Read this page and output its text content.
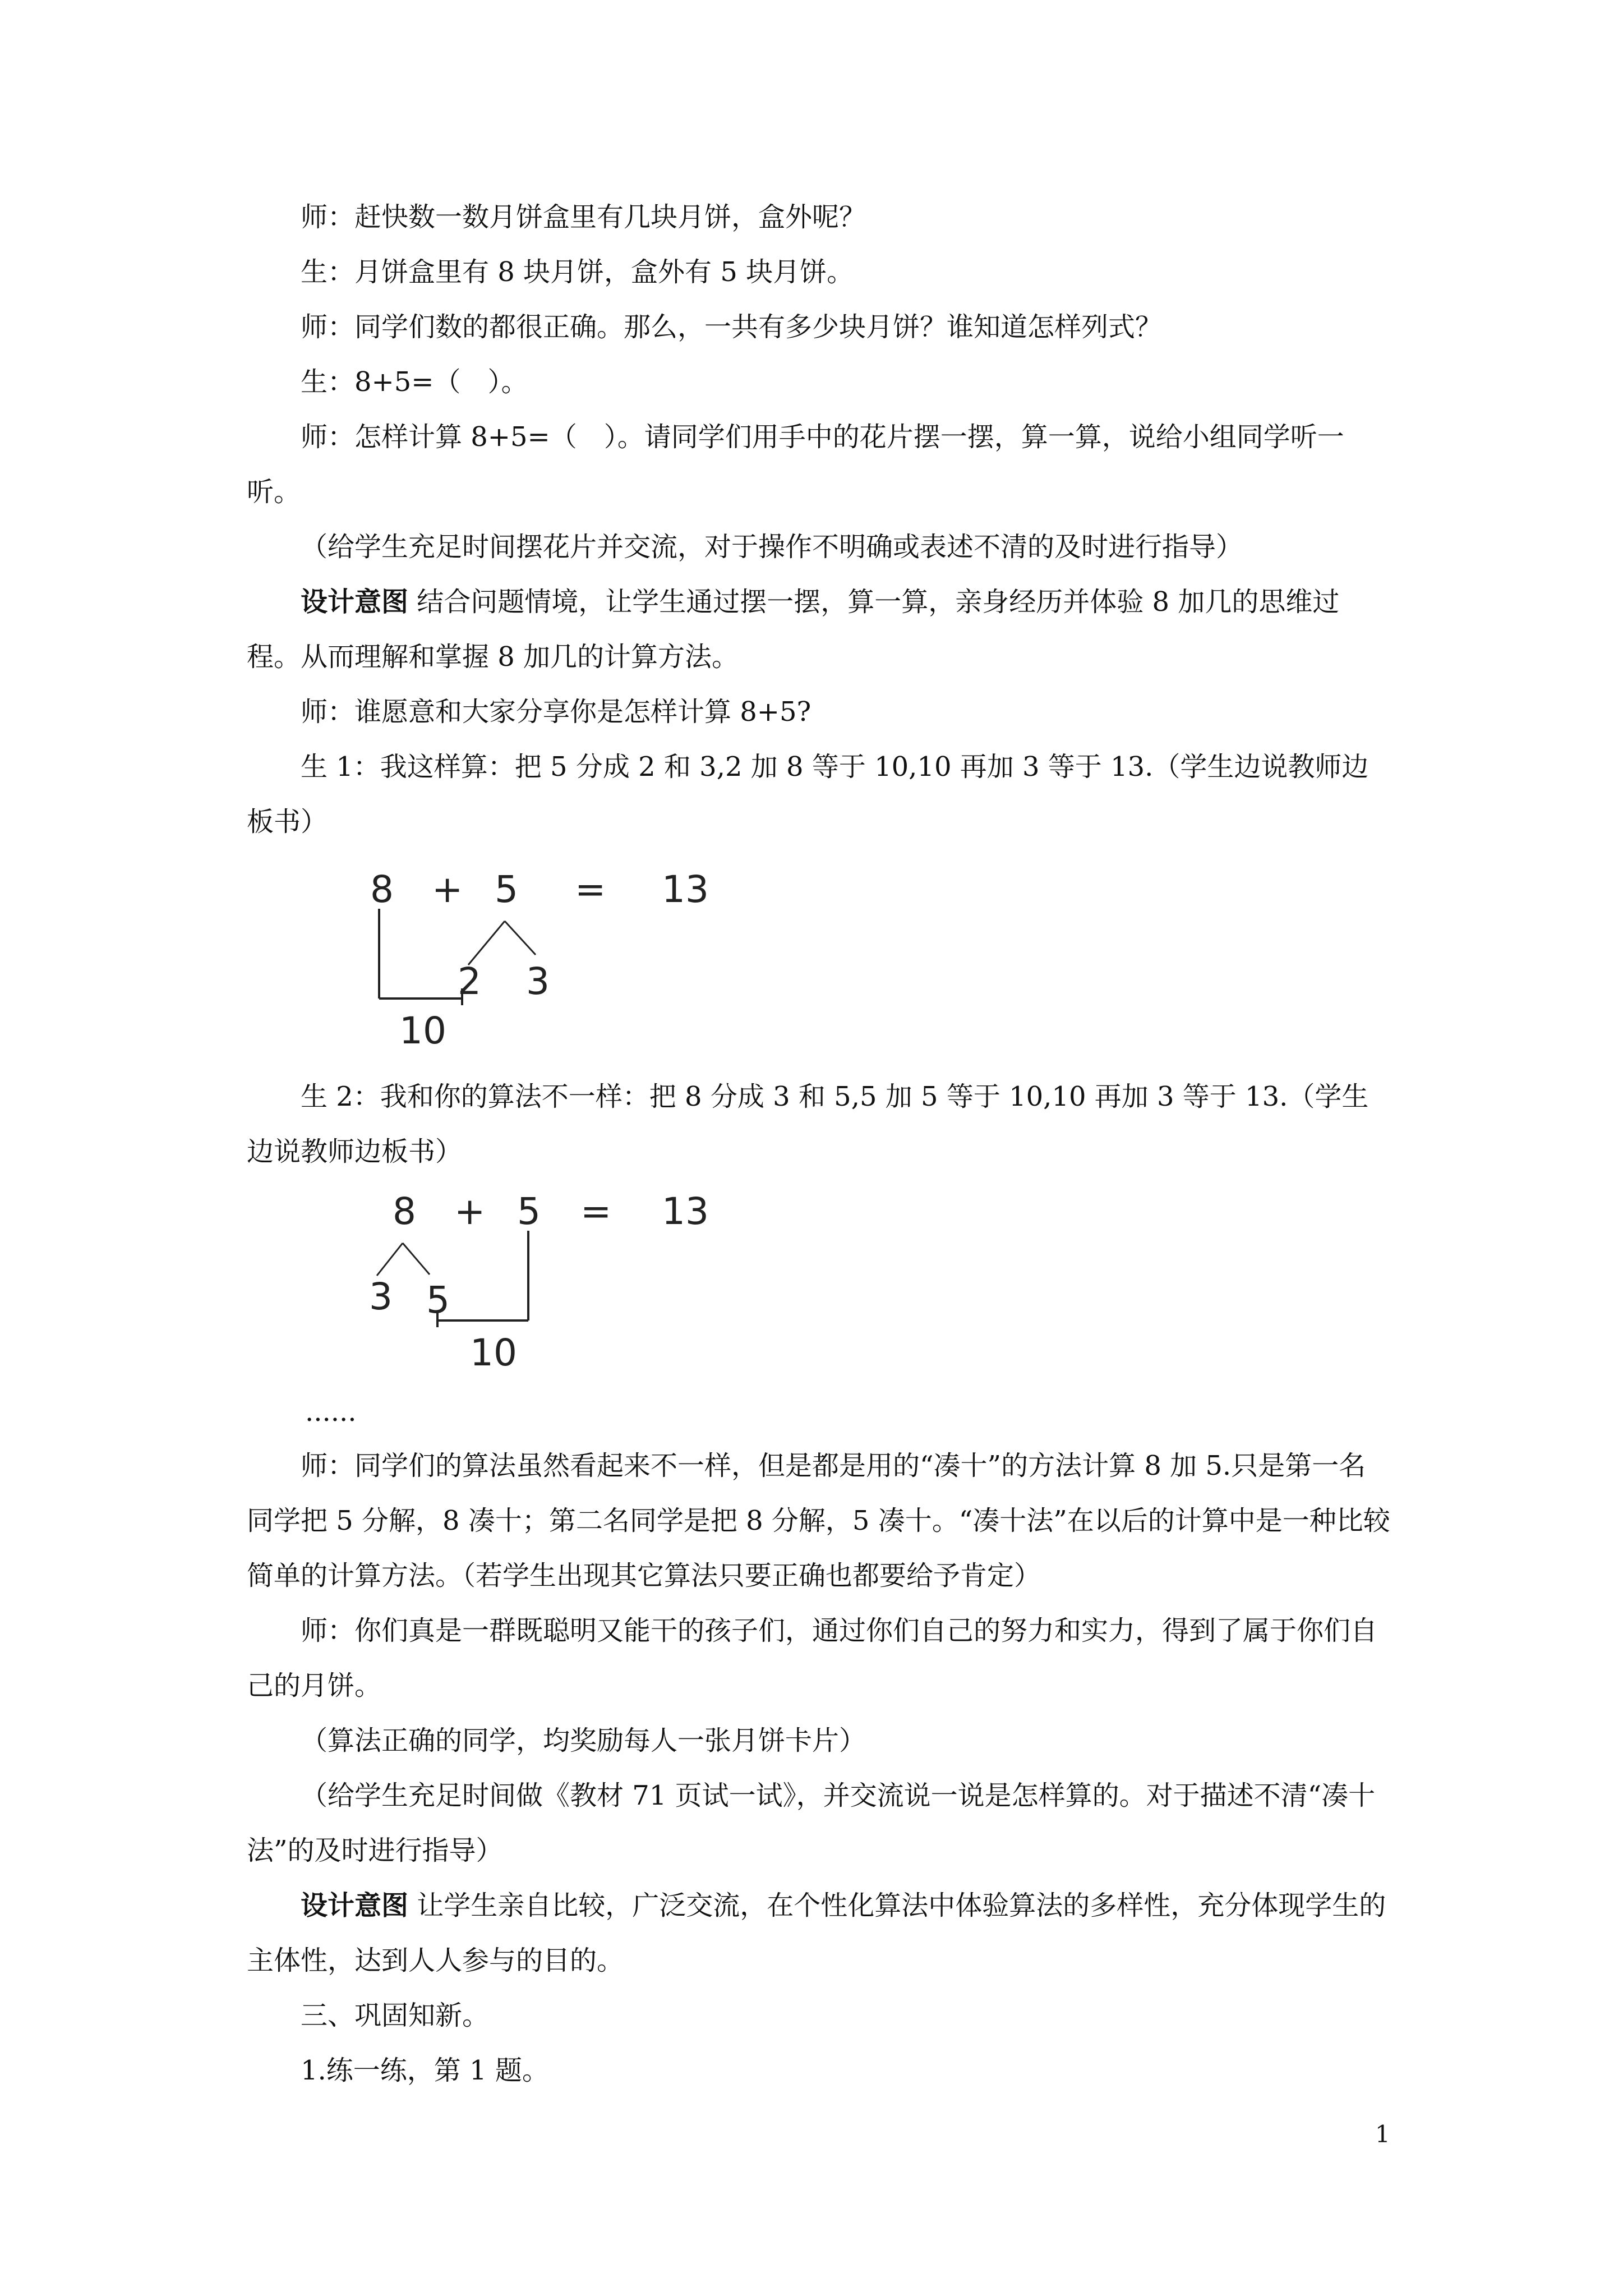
师：赶快数一数月饼盒里有几块月饼，盒外呢？

生：月饼盒里有 8 块月饼，盒外有 5 块月饼。

师：同学们数的都很正确。那么，一共有多少块月饼？谁知道怎样列式？

生：8+5=（　）。

师：怎样计算 8+5=（　）。请同学们用手中的花片摆一摆，算一算，说给小组同学听一听。

（给学生充足时间摆花片并交流，对于操作不明确或表述不清的及时进行指导）

设计意图 结合问题情境，让学生通过摆一摆，算一算，亲身经历并体验 8 加几的思维过程。从而理解和掌握 8 加几的计算方法。

师：谁愿意和大家分享你是怎样计算 8+5?

生 1：我这样算：把 5 分成 2 和 3,2 加 8 等于 10,10 再加 3 等于 13.（学生边说教师边板书）

8 + 5 = 13
2 3
10

生 2：我和你的算法不一样：把 8 分成 3 和 5,5 加 5 等于 10,10 再加 3 等于 13.（学生边说教师边板书）

8 + 5 = 13
3 5
10

......

师：同学们的算法虽然看起来不一样，但是都是用的“凑十”的方法计算 8 加 5.只是第一名同学把 5 分解，8 凑十；第二名同学是把 8 分解，5 凑十。“凑十法”在以后的计算中是一种比较简单的计算方法。（若学生出现其它算法只要正确也都要给予肯定）

师：你们真是一群既聪明又能干的孩子们，通过你们自己的努力和实力，得到了属于你们自己的月饼。

（算法正确的同学，均奖励每人一张月饼卡片）

（给学生充足时间做《教材 71 页试一试》，并交流说一说是怎样算的。对于描述不清“凑十法”的及时进行指导）

设计意图 让学生亲自比较，广泛交流，在个性化算法中体验算法的多样性，充分体现学生的主体性，达到人人参与的目的。

三、巩固知新。

1.练一练，第 1 题。

1
